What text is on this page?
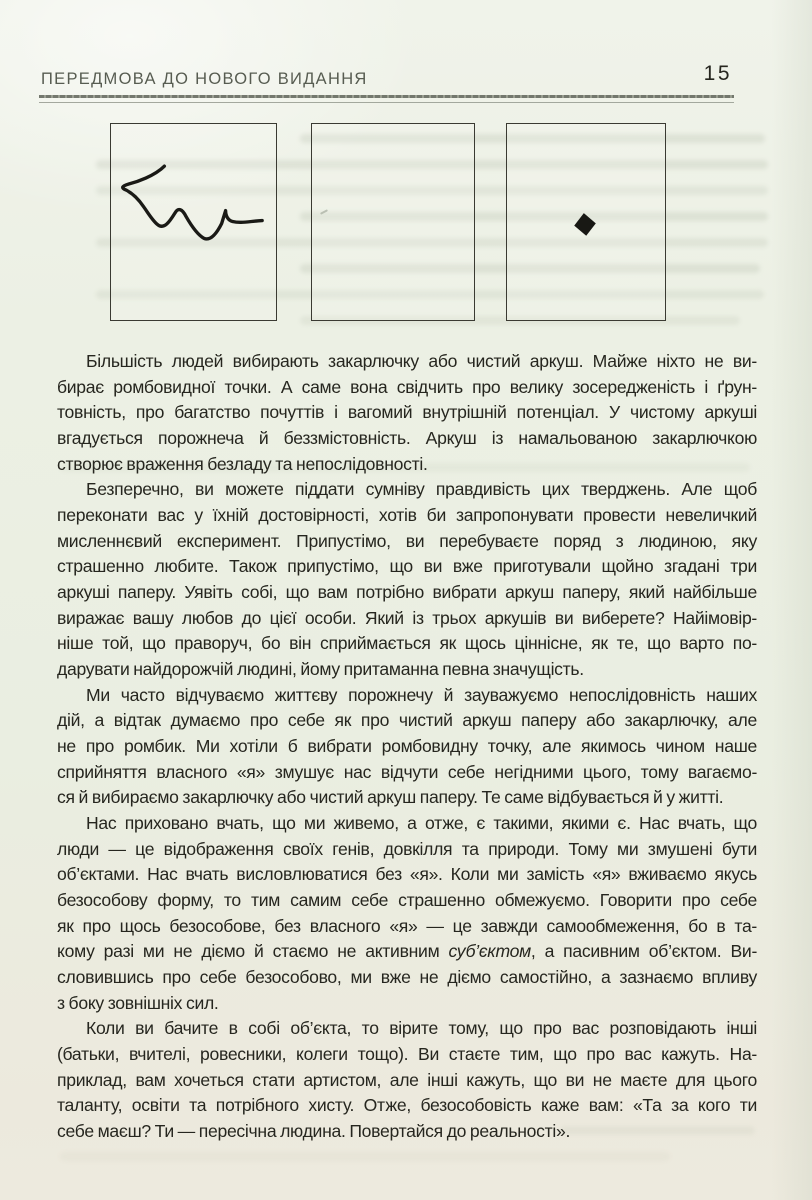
ПЕРЕДМОВА ДО НОВОГО ВИДАННЯ	15
Більшість людей вибирають закарлючку або чистий аркуш. Майже ніхто не ви-
бирає ромбовидної точки. А саме вона свідчить про велику зосередженість і ґрун-
товність, про багатство почуттів і вагомий внутрішній потенціал. У чистому аркуші
вгадується порожнеча й беззмістовність. Аркуш із намальованою закарлючкою
створює враження безладу та непослідовності.
Безперечно, ви можете піддати сумніву правдивість цих тверджень. Але щоб
переконати вас у їхній достовірності, хотів би запропонувати провести невеличкий
мисленнєвий експеримент. Припустімо, ви перебуваєте поряд з людиною, яку
страшенно любите. Також припустімо, що ви вже приготували щойно згадані три
аркуші паперу. Уявіть собі, що вам потрібно вибрати аркуш паперу, який найбільше
виражає вашу любов до цієї особи. Який із трьох аркушів ви виберете? Найімовір-
ніше той, що праворуч, бо він сприймається як щось ціннісне, як те, що варто по-
дарувати найдорожчій людині, йому притаманна певна значущість.
Ми часто відчуваємо життєву порожнечу й зауважуємо непослідовність наших
дій, а відтак думаємо про себе як про чистий аркуш паперу або закарлючку, але
не про ромбик. Ми хотіли б вибрати ромбовидну точку, але якимось чином наше
сприйняття власного «я» змушує нас відчути себе негідними цього, тому вагаємо-
ся й вибираємо закарлючку або чистий аркуш паперу. Те саме відбувається й у житті.
Нас приховано вчать, що ми живемо, а отже, є такими, якими є. Нас вчать, що
люди — це відображення своїх генів, довкілля та природи. Тому ми змушені бути
об’єктами. Нас вчать висловлюватися без «я». Коли ми замість «я» вживаємо якусь
безособову форму, то тим самим себе страшенно обмежуємо. Говорити про себе
як про щось безособове, без власного «я» — це завжди самообмеження, бо в та-
кому разі ми не діємо й стаємо не активним суб’єктом, а пасивним об’єктом. Ви-
словившись про себе безособово, ми вже не діємо самостійно, а зазнаємо впливу
з боку зовнішніх сил.
Коли ви бачите в собі об’єкта, то вірите тому, що про вас розповідають інші
(батьки, вчителі, ровесники, колеги тощо). Ви стаєте тим, що про вас кажуть. На-
приклад, вам хочеться стати артистом, але інші кажуть, що ви не маєте для цього
таланту, освіти та потрібного хисту. Отже, безособовість каже вам: «Та за кого ти
себе маєш? Ти — пересічна людина. Повертайся до реальності».
